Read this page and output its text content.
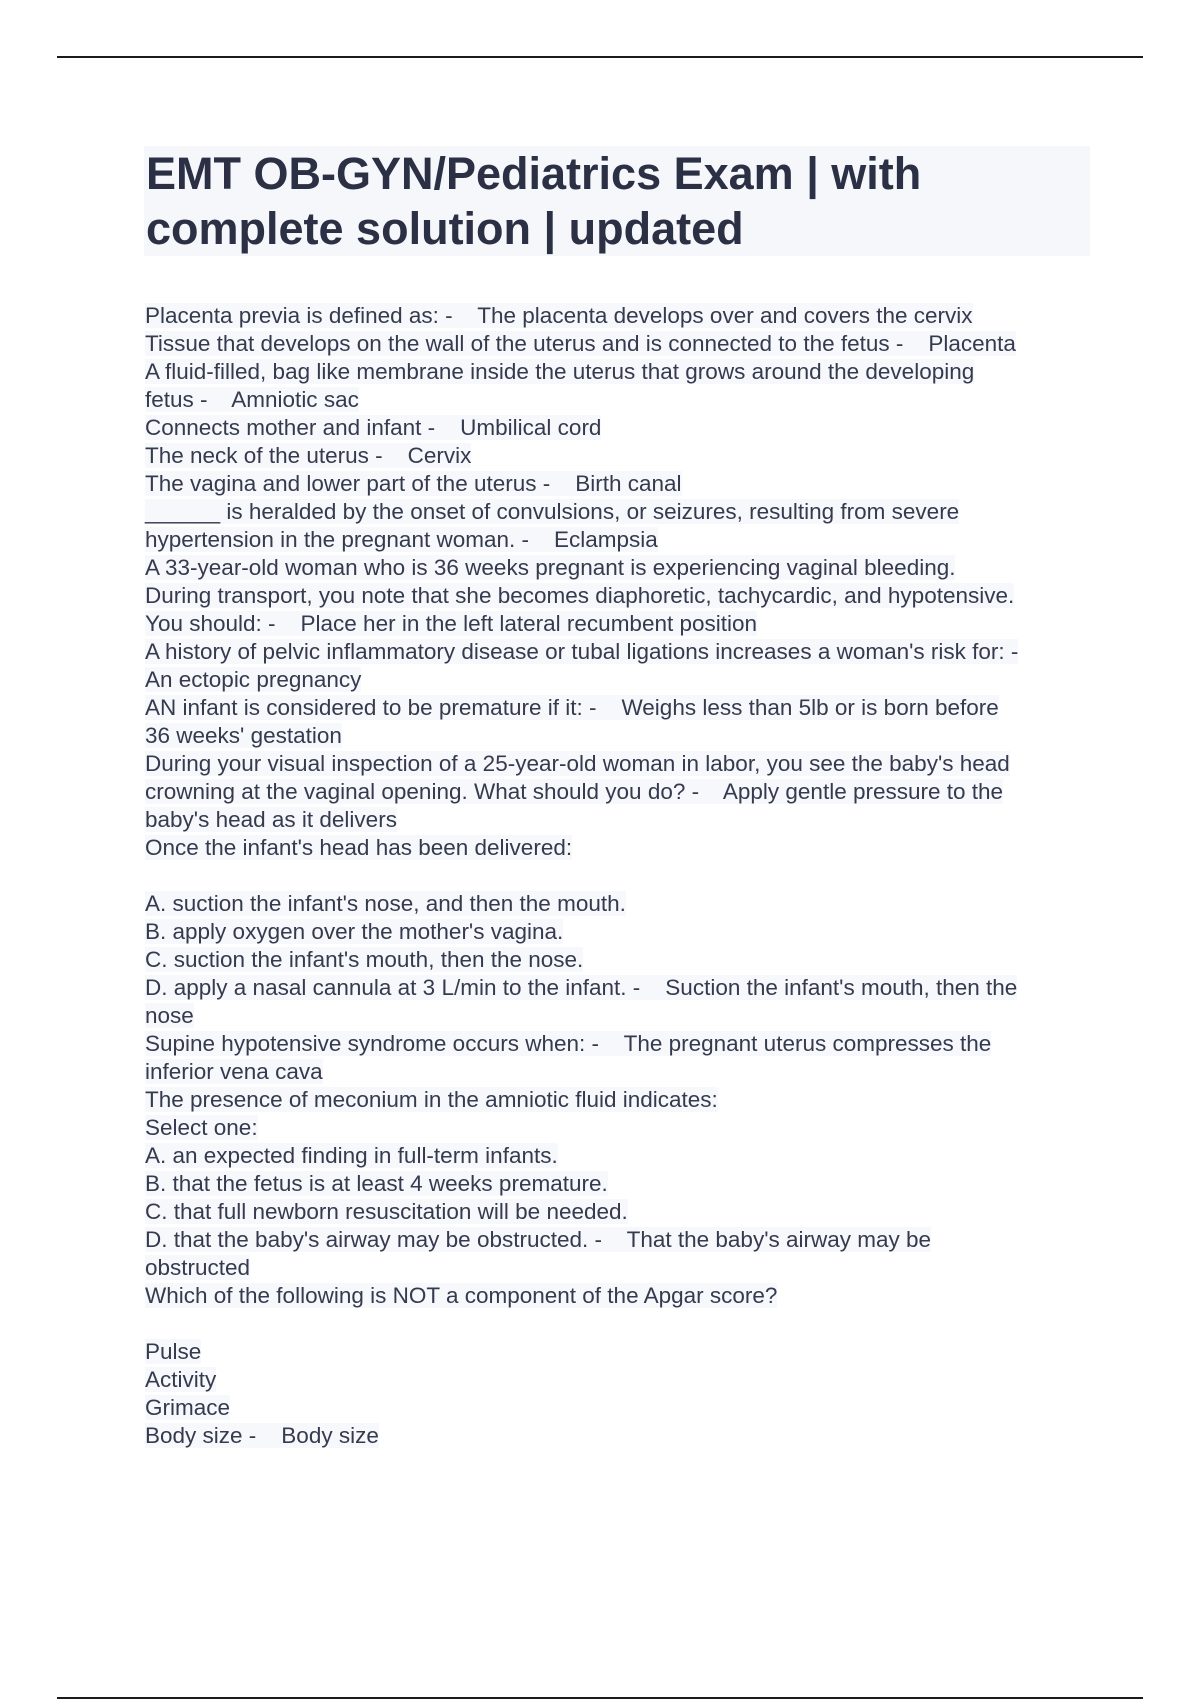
EMT OB-GYN/Pediatrics Exam | with
complete solution | updated
Placenta previa is defined as: -    The placenta develops over and covers the cervix
Tissue that develops on the wall of the uterus and is connected to the fetus -    Placenta
A fluid-filled, bag like membrane inside the uterus that grows around the developing
fetus -    Amniotic sac
Connects mother and infant -    Umbilical cord
The neck of the uterus -    Cervix
The vagina and lower part of the uterus -    Birth canal
______ is heralded by the onset of convulsions, or seizures, resulting from severe
hypertension in the pregnant woman. -    Eclampsia
A 33-year-old woman who is 36 weeks pregnant is experiencing vaginal bleeding.
During transport, you note that she becomes diaphoretic, tachycardic, and hypotensive.
You should: -    Place her in the left lateral recumbent position
A history of pelvic inflammatory disease or tubal ligations increases a woman's risk for: -
An ectopic pregnancy
AN infant is considered to be premature if it: -    Weighs less than 5lb or is born before
36 weeks' gestation
During your visual inspection of a 25-year-old woman in labor, you see the baby's head
crowning at the vaginal opening. What should you do? -    Apply gentle pressure to the
baby's head as it delivers
Once the infant's head has been delivered:
A. suction the infant's nose, and then the mouth.
B. apply oxygen over the mother's vagina.
C. suction the infant's mouth, then the nose.
D. apply a nasal cannula at 3 L/min to the infant. -    Suction the infant's mouth, then the
nose
Supine hypotensive syndrome occurs when: -    The pregnant uterus compresses the
inferior vena cava
The presence of meconium in the amniotic fluid indicates:
Select one:
A. an expected finding in full-term infants.
B. that the fetus is at least 4 weeks premature.
C. that full newborn resuscitation will be needed.
D. that the baby's airway may be obstructed. -    That the baby's airway may be
obstructed
Which of the following is NOT a component of the Apgar score?
Pulse
Activity
Grimace
Body size -    Body size
